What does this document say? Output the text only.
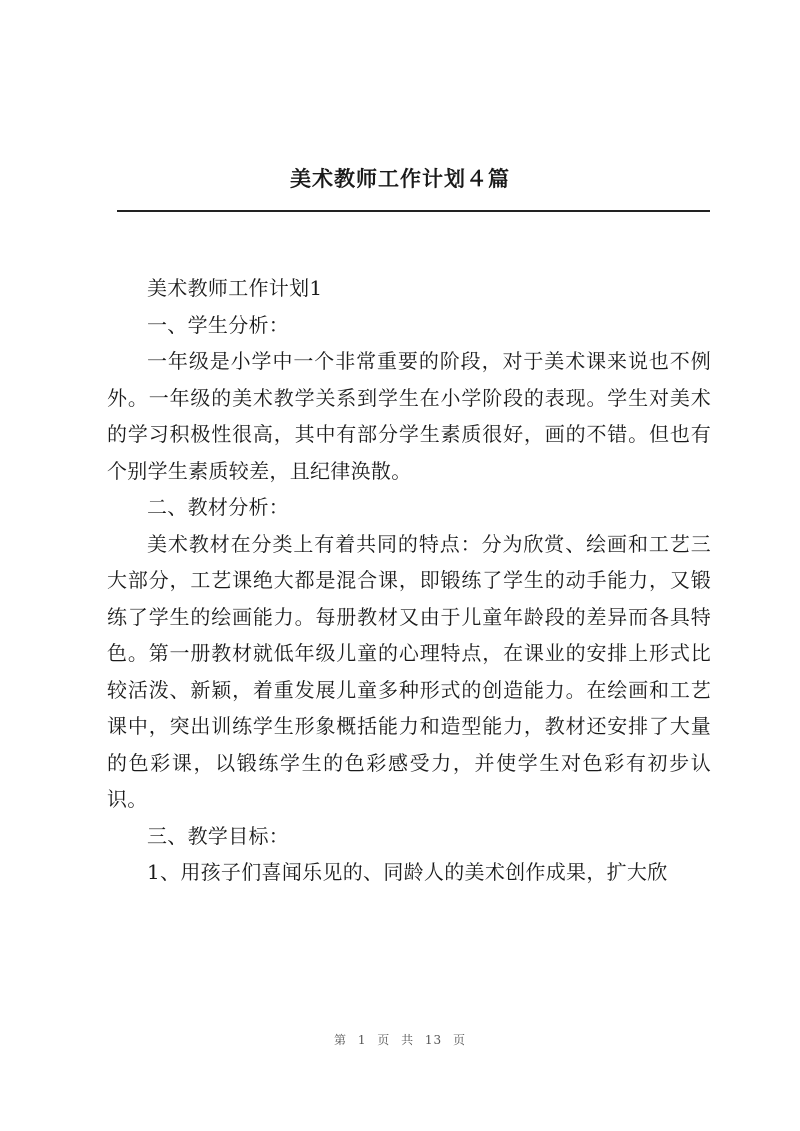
美术教师工作计划４篇

美术教师工作计划1

一、学生分析：

一年级是小学中一个非常重要的阶段，对于美术课来说也不例外。一年级的美术教学关系到学生在小学阶段的表现。学生对美术的学习积极性很高，其中有部分学生素质很好，画的不错。但也有个别学生素质较差，且纪律涣散。

二、教材分析：

美术教材在分类上有着共同的特点：分为欣赏、绘画和工艺三大部分，工艺课绝大都是混合课，即锻练了学生的动手能力，又锻练了学生的绘画能力。每册教材又由于儿童年龄段的差异而各具特色。第一册教材就低年级儿童的心理特点，在课业的安排上形式比较活泼、新颖，着重发展儿童多种形式的创造能力。在绘画和工艺课中，突出训练学生形象概括能力和造型能力，教材还安排了大量的色彩课，以锻练学生的色彩感受力，并使学生对色彩有初步认识。

三、教学目标：

1、用孩子们喜闻乐见的、同龄人的美术创作成果，扩大欣

第 1 页 共 13 页
